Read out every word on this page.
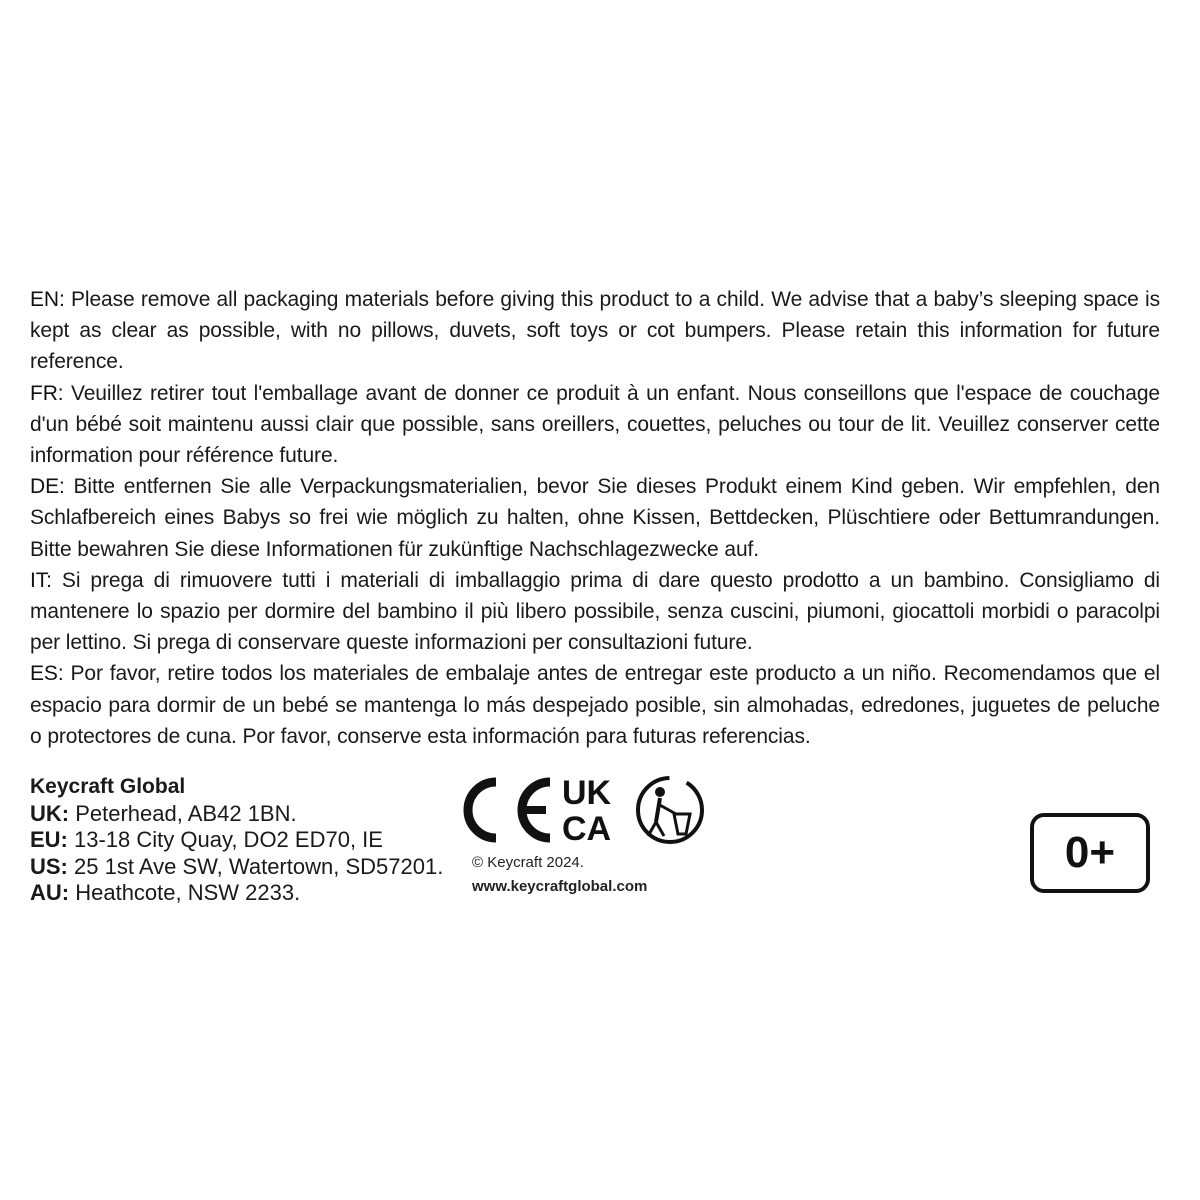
EN: Please remove all packaging materials before giving this product to a child. We advise that a baby’s sleeping space is kept as clear as possible, with no pillows, duvets, soft toys or cot bumpers. Please retain this information for future reference.

FR: Veuillez retirer tout l'emballage avant de donner ce produit à un enfant. Nous conseillons que l'espace de couchage d'un bébé soit maintenu aussi clair que possible, sans oreillers, couettes, peluches ou tour de lit. Veuillez conserver cette information pour référence future.

DE: Bitte entfernen Sie alle Verpackungsmaterialien, bevor Sie dieses Produkt einem Kind geben. Wir empfehlen, den Schlafbereich eines Babys so frei wie möglich zu halten, ohne Kissen, Bettdecken, Plüschtiere oder Bettumrandungen. Bitte bewahren Sie diese Informationen für zukünftige Nachschlagezwecke auf.

IT: Si prega di rimuovere tutti i materiali di imballaggio prima di dare questo prodotto a un bambino. Consigliamo di mantenere lo spazio per dormire del bambino il più libero possibile, senza cuscini, piumoni, giocattoli morbidi o paracolpi per lettino. Si prega di conservare queste informazioni per consultazioni future.

ES: Por favor, retire todos los materiales de embalaje antes de entregar este producto a un niño. Recomendamos que el espacio para dormir de un bebé se mantenga lo más despejado posible, sin almohadas, edredones, juguetes de peluche o protectores de cuna. Por favor, conserve esta información para futuras referencias.

Keycraft Global
UK: Peterhead, AB42 1BN.
EU: 13-18 City Quay, DO2 ED70, IE
US: 25 1st Ave SW, Watertown, SD57201.
AU: Heathcote, NSW 2233.
UK
CA
© Keycraft 2024.
www.keycraftglobal.com
0+
